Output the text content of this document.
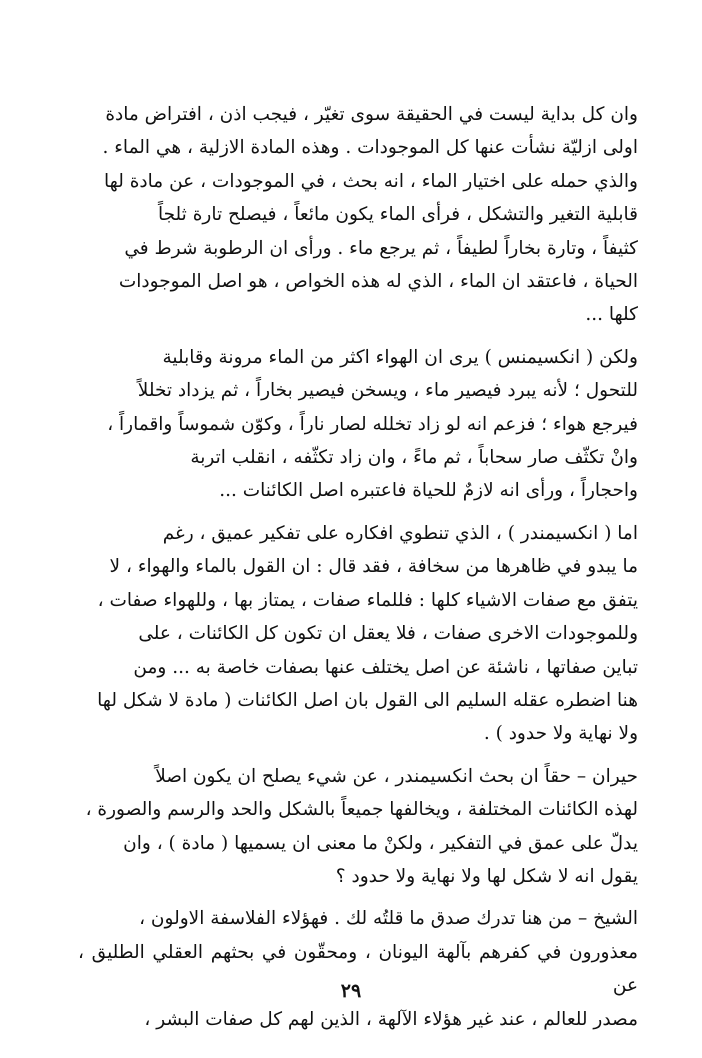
وان كل بداية ليست في الحقيقة سوى تغيّر ، فيجب اذن ، افتراض مادة
اولى ازليّة نشأت عنها كل الموجودات . وهذه المادة الازلية ، هي الماء .
والذي حمله على اختيار الماء ، انه بحث ، في الموجودات ، عن مادة لها
قابلية التغير والتشكل ، فرأى الماء يكون مائعاً ، فيصلح تارة ثلجاً
كثيفاً ، وتارة بخاراً لطيفاً ، ثم يرجع ماء . ورأى ان الرطوبة شرط في
الحياة ، فاعتقد ان الماء ، الذي له هذه الخواص ، هو اصل الموجودات
كلها ...

ولكن ( انكسيمنس ) يرى ان الهواء اكثر من الماء مرونة وقابلية
للتحول ؛ لأنه يبرد فيصير ماء ، ويسخن فيصير بخاراً ، ثم يزداد تخللاً
فيرجع هواء ؛ فزعم انه لو زاد تخلله لصار ناراً ، وكوّن شموساً واقماراً ،
وانْ تكثّف صار سحاباً ، ثم ماءً ، وان زاد تكثّفه ، انقلب اتربة
واحجاراً ، ورأى انه لازمٌ للحياة فاعتبره اصل الكائنات ...

اما ( انكسيمندر ) ، الذي تنطوي افكاره على تفكير عميق ، رغم
ما يبدو في ظاهرها من سخافة ، فقد قال : ان القول بالماء والهواء ، لا
يتفق مع صفات الاشياء كلها : فللماء صفات ، يمتاز بها ، وللهواء صفات ،
وللموجودات الاخرى صفات ، فلا يعقل ان تكون كل الكائنات ، على
تباين صفاتها ، ناشئة عن اصل يختلف عنها بصفات خاصة به ... ومن
هنا اضطره عقله السليم الى القول بان اصل الكائنات ( مادة لا شكل لها
ولا نهاية ولا حدود ) .

حيران – حقاً ان بحث انكسيمندر ، عن شيء يصلح ان يكون اصلاً
لهذه الكائنات المختلفة ، ويخالفها جميعاً بالشكل والحد والرسم والصورة ،
يدلّ على عمق في التفكير ، ولكنْ ما معنى ان يسميها ( مادة ) ، وان
يقول انه لا شكل لها ولا نهاية ولا حدود ؟

الشيخ – من هنا تدرك صدق ما قلتُه لك . فهؤلاء الفلاسفة الاولون ،
معذورون في كفرهم بآلهة اليونان ، ومحقّون في بحثهم العقلي الطليق ، عن
مصدر للعالم ، عند غير هؤلاء الآلهة ، الذين لهم كل صفات البشر ،

٢٩
